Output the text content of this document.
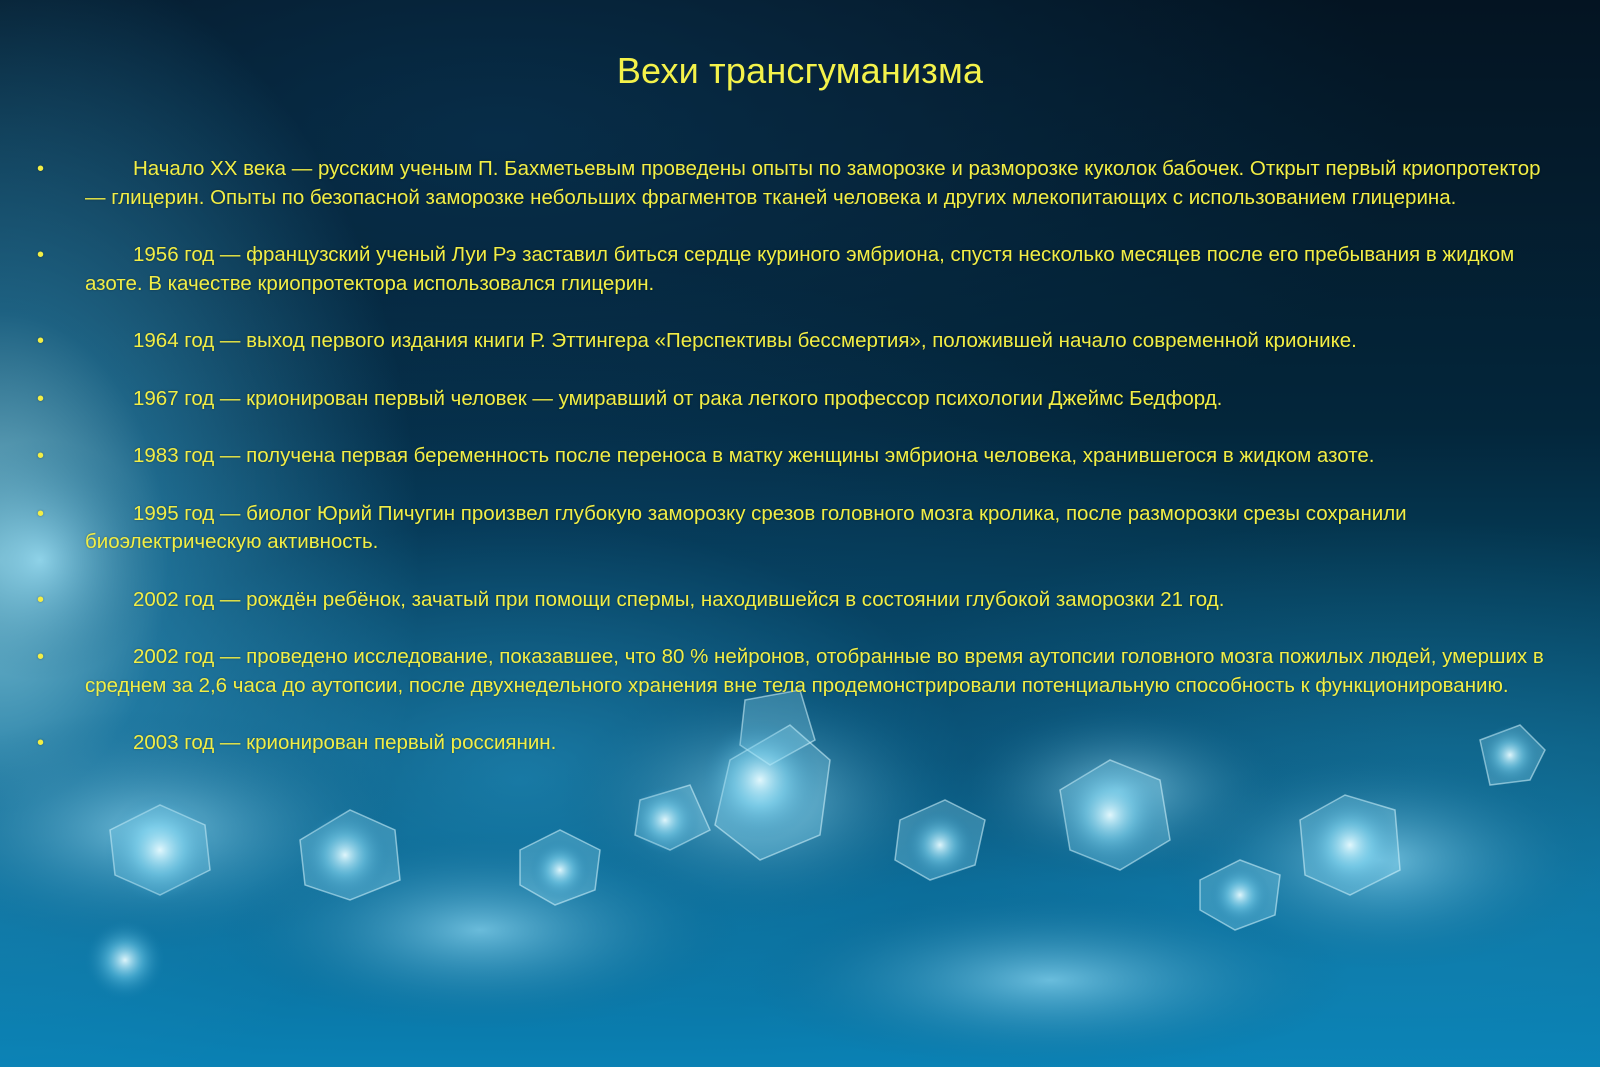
Вехи трансгуманизма
•	Начало XX века — русским ученым П. Бахметьевым проведены опыты по заморозке и разморозке куколок бабочек. Открыт первый криопротектор — глицерин. Опыты по безопасной заморозке небольших фрагментов тканей человека и других млекопитающих с использованием глицерина.
•	1956 год — французский ученый Луи Рэ заставил биться сердце куриного эмбриона, спустя несколько месяцев после его пребывания в жидком азоте. В качестве криопротектора использовался глицерин.
•	1964 год — выход первого издания книги Р. Эттингера «Перспективы бессмертия», положившей начало современной крионике.
•	1967 год — крионирован первый человек — умиравший от рака легкого профессор психологии Джеймс Бедфорд.
•	1983 год — получена первая беременность после переноса в матку женщины эмбриона человека, хранившегося в жидком азоте.
•	1995 год — биолог Юрий Пичугин произвел глубокую заморозку срезов головного мозга кролика, после разморозки срезы сохранили биоэлектрическую активность.
•	2002 год — рождён ребёнок, зачатый при помощи спермы, находившейся в состоянии глубокой заморозки 21 год.
•	2002 год — проведено исследование, показавшее, что 80 % нейронов, отобранные во время аутопсии головного мозга пожилых людей, умерших в среднем за 2,6 часа до аутопсии, после двухнедельного хранения вне тела продемонстрировали потенциальную способность к функционированию.
•	2003 год — крионирован первый россиянин.
